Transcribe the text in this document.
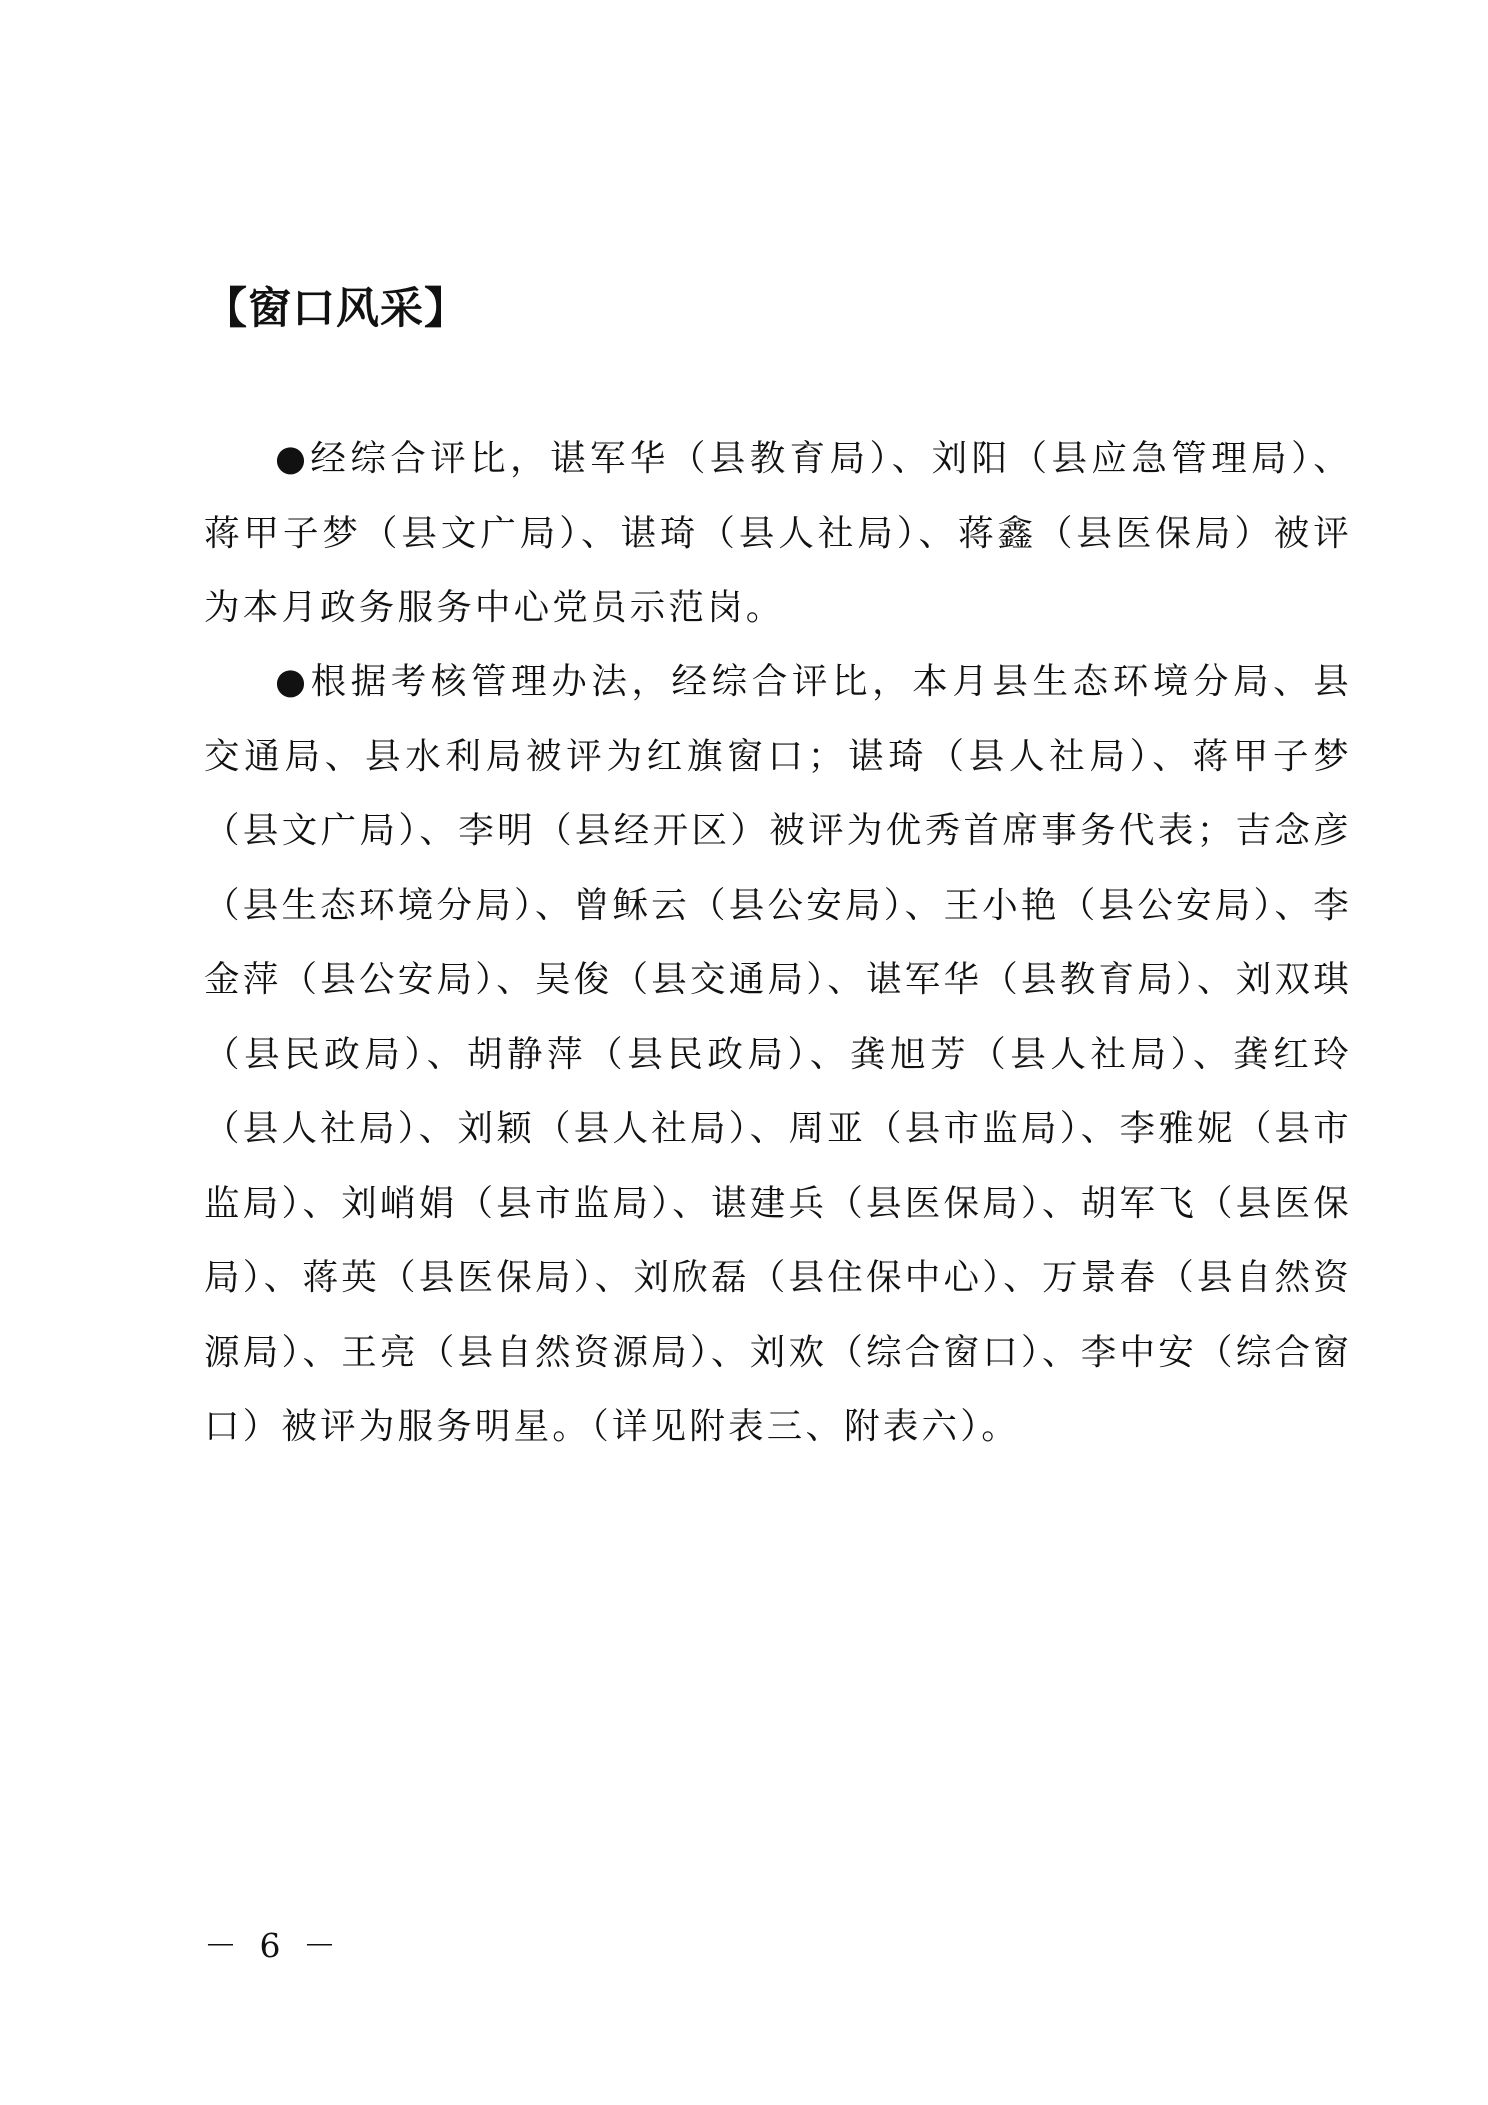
【窗口风采】

●经综合评比，谌军华（县教育局）、刘阳（县应急管理局）、蒋甲子梦（县文广局）、谌琦（县人社局）、蒋鑫（县医保局）被评为本月政务服务中心党员示范岗。

●根据考核管理办法，经综合评比，本月县生态环境分局、县交通局、县水利局被评为红旗窗口；谌琦（县人社局）、蒋甲子梦（县文广局）、李明（县经开区）被评为优秀首席事务代表；吉念彦（县生态环境分局）、曾稣云（县公安局）、王小艳（县公安局）、李金萍（县公安局）、吴俊（县交通局）、谌军华（县教育局）、刘双琪（县民政局）、胡静萍（县民政局）、龚旭芳（县人社局）、龚红玲（县人社局）、刘颖（县人社局）、周亚（县市监局）、李雅妮（县市监局）、刘峭娟（县市监局）、谌建兵（县医保局）、胡军飞（县医保局）、蒋英（县医保局）、刘欣磊（县住保中心）、万景春（县自然资源局）、王亮（县自然资源局）、刘欢（综合窗口）、李中安（综合窗口）被评为服务明星。（详见附表三、附表六）。

－ 6 －
